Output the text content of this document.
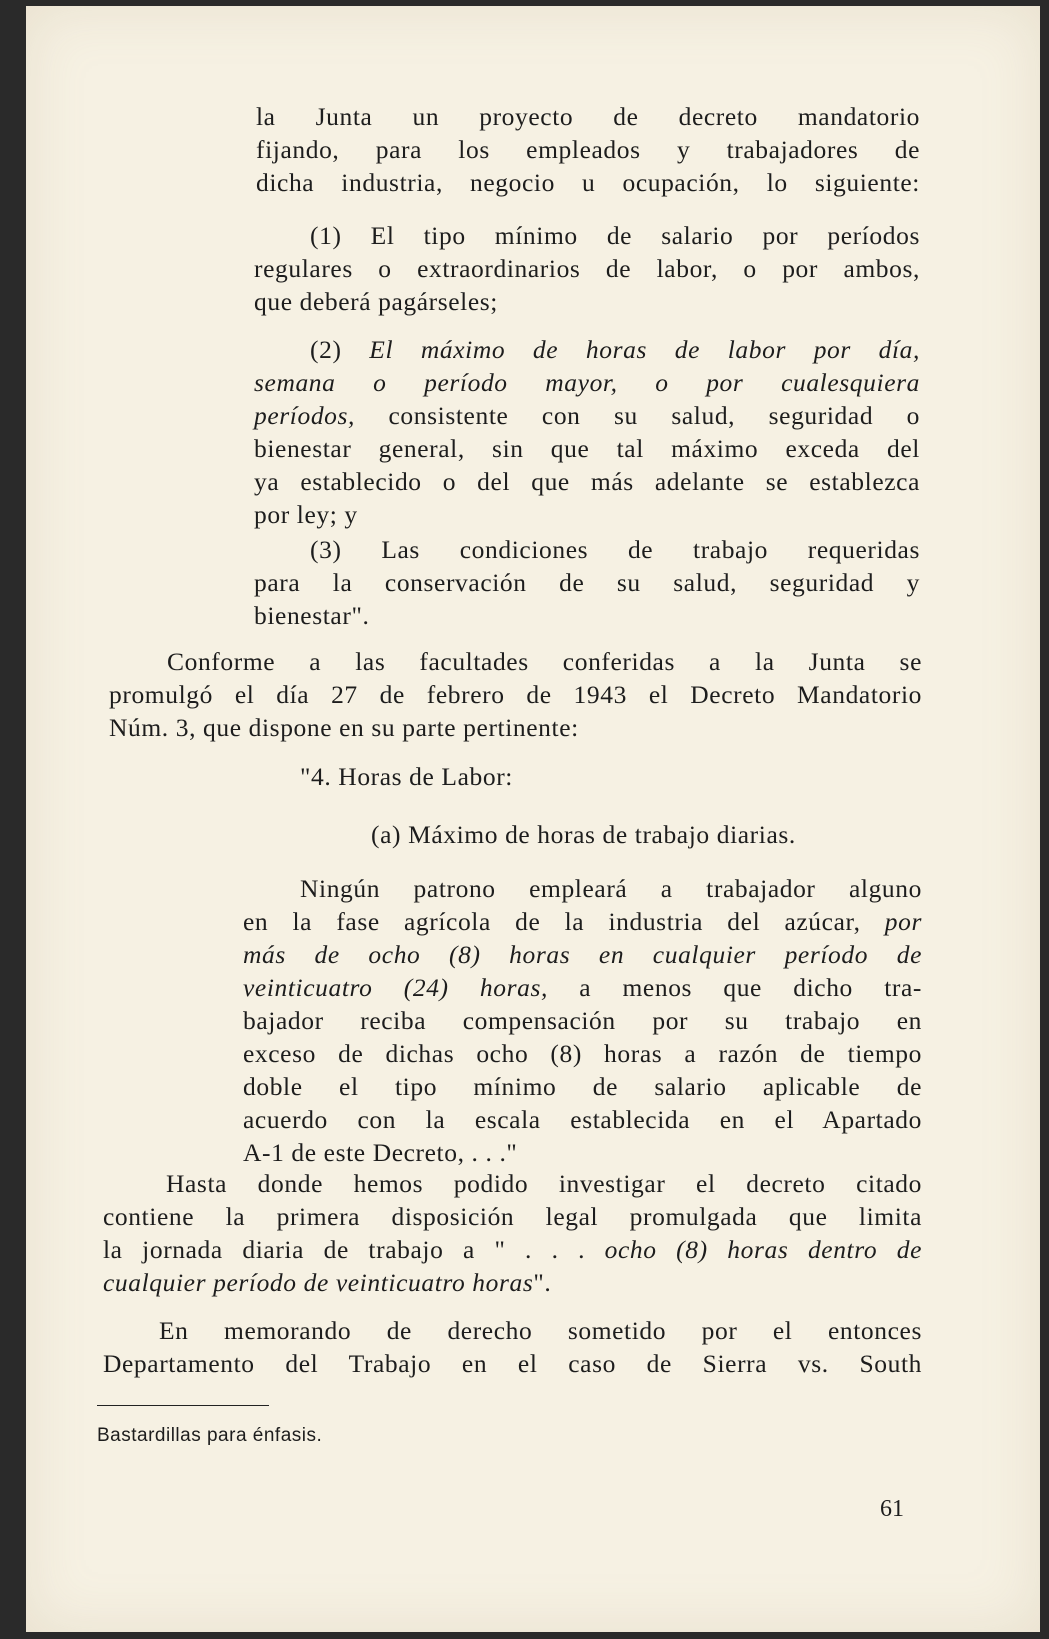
la Junta un proyecto de decreto mandatorio
fijando, para los empleados y trabajadores de
dicha industria, negocio u ocupación, lo siguiente:
(1) El tipo mínimo de salario por períodos
regulares o extraordinarios de labor, o por ambos,
que deberá pagárseles;
(2) El máximo de horas de labor por día,
semana o período mayor, o por cualesquiera
períodos, consistente con su salud, seguridad o
bienestar general, sin que tal máximo exceda del
ya establecido o del que más adelante se establezca
por ley; y
(3) Las condiciones de trabajo requeridas
para la conservación de su salud, seguridad y
bienestar".
Conforme a las facultades conferidas a la Junta se
promulgó el día 27 de febrero de 1943 el Decreto Mandatorio
Núm. 3, que dispone en su parte pertinente:
"4. Horas de Labor:
(a) Máximo de horas de trabajo diarias.
Ningún patrono empleará a trabajador alguno
en la fase agrícola de la industria del azúcar, por
más de ocho (8) horas en cualquier período de
veinticuatro (24) horas, a menos que dicho tra-
bajador reciba compensación por su trabajo en
exceso de dichas ocho (8) horas a razón de tiempo
doble el tipo mínimo de salario aplicable de
acuerdo con la escala establecida en el Apartado
A-1 de este Decreto, . . ."
Hasta donde hemos podido investigar el decreto citado
contiene la primera disposición legal promulgada que limita
la jornada diaria de trabajo a " . . . ocho (8) horas dentro de
cualquier período de veinticuatro horas".
En memorando de derecho sometido por el entonces
Departamento del Trabajo en el caso de Sierra vs. South
Bastardillas para énfasis.
61
